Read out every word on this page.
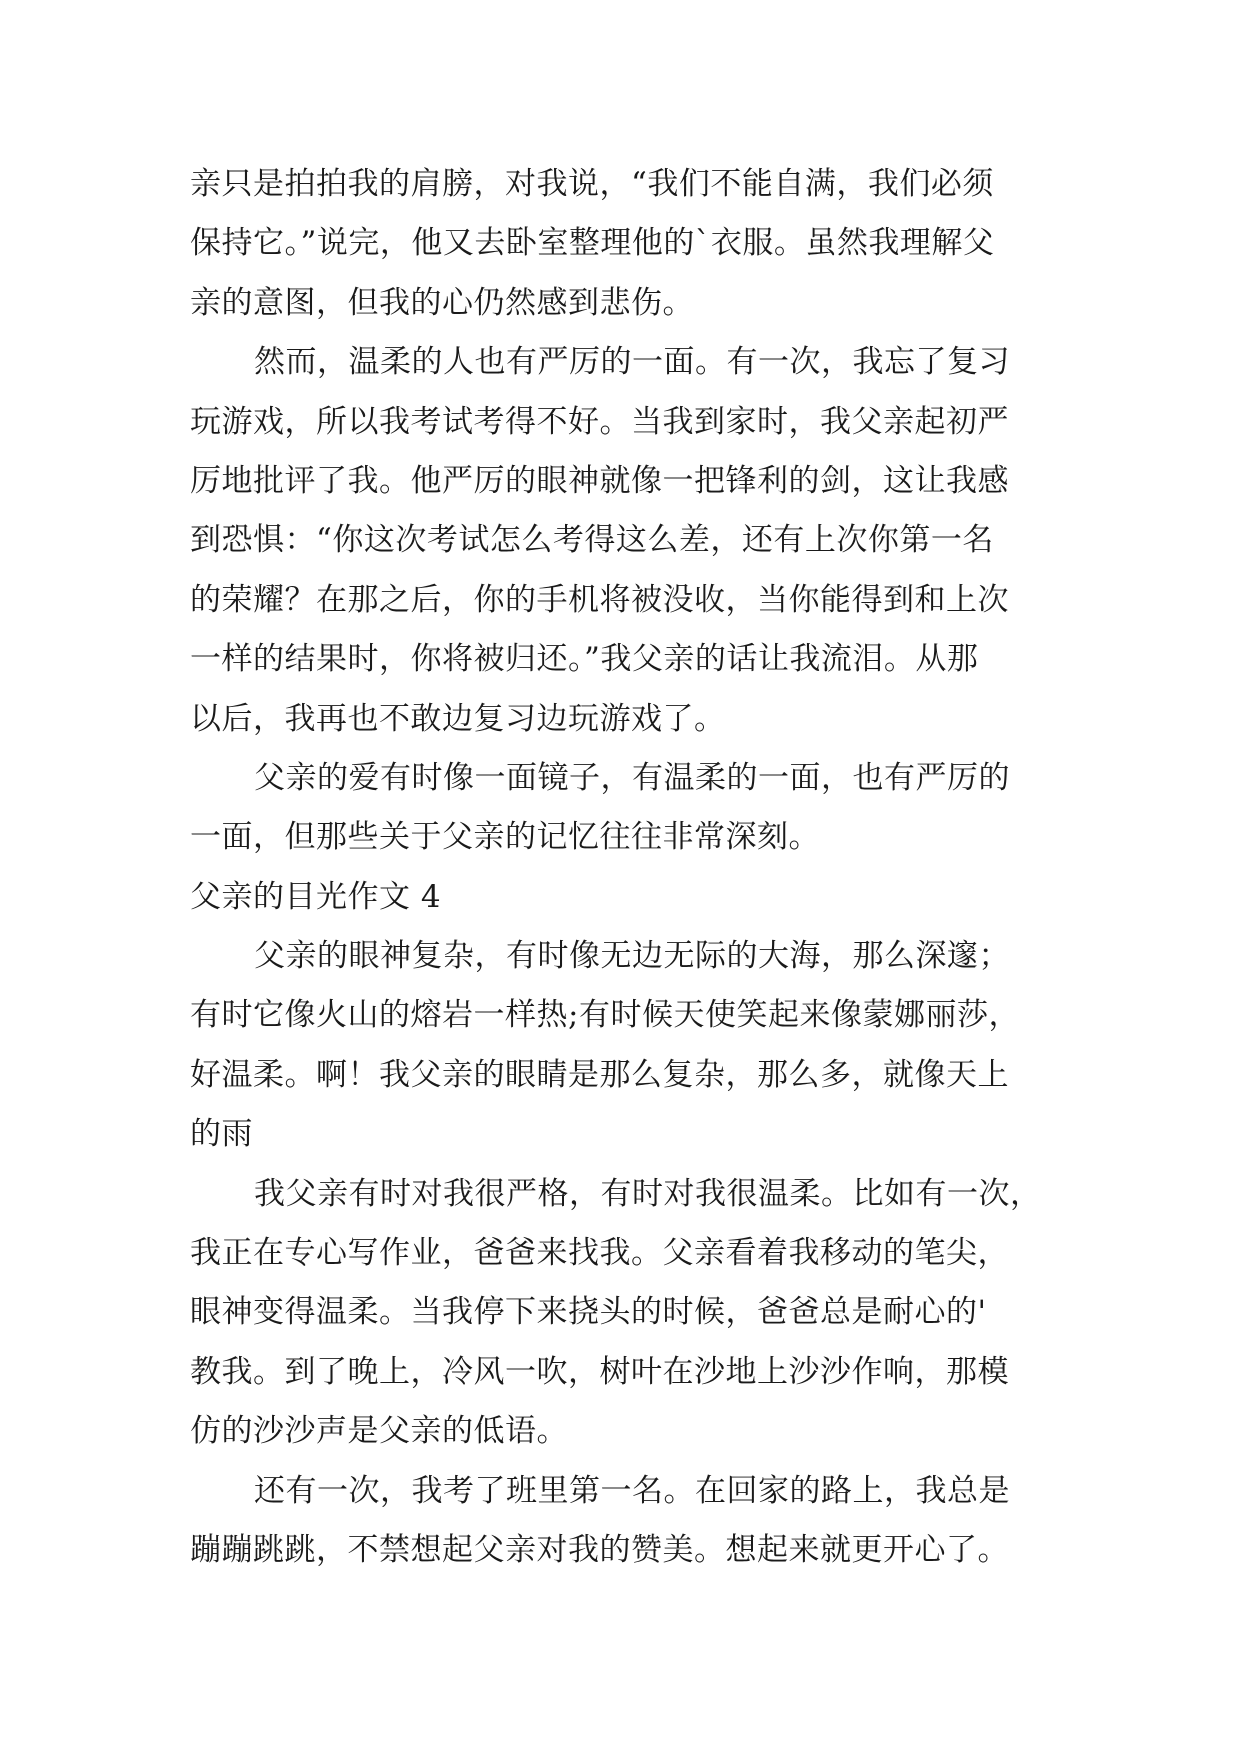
亲只是拍拍我的肩膀，对我说，“我们不能自满，我们必须
保持它。”说完，他又去卧室整理他的`衣服。虽然我理解父
亲的意图，但我的心仍然感到悲伤。
然而，温柔的人也有严厉的一面。有一次，我忘了复习
玩游戏，所以我考试考得不好。当我到家时，我父亲起初严
厉地批评了我。他严厉的眼神就像一把锋利的剑，这让我感
到恐惧：“你这次考试怎么考得这么差，还有上次你第一名
的荣耀？在那之后，你的手机将被没收，当你能得到和上次
一样的结果时，你将被归还。”我父亲的话让我流泪。从那
以后，我再也不敢边复习边玩游戏了。
父亲的爱有时像一面镜子，有温柔的一面，也有严厉的
一面，但那些关于父亲的记忆往往非常深刻。
父亲的目光作文 4
父亲的眼神复杂，有时像无边无际的大海，那么深邃；
有时它像火山的熔岩一样热;有时候天使笑起来像蒙娜丽莎，
好温柔。啊！我父亲的眼睛是那么复杂，那么多，就像天上
的雨
我父亲有时对我很严格，有时对我很温柔。比如有一次，
我正在专心写作业，爸爸来找我。父亲看着我移动的笔尖，
眼神变得温柔。当我停下来挠头的时候，爸爸总是耐心的'
教我。到了晚上，冷风一吹，树叶在沙地上沙沙作响，那模
仿的沙沙声是父亲的低语。
还有一次，我考了班里第一名。在回家的路上，我总是
蹦蹦跳跳，不禁想起父亲对我的赞美。想起来就更开心了。
